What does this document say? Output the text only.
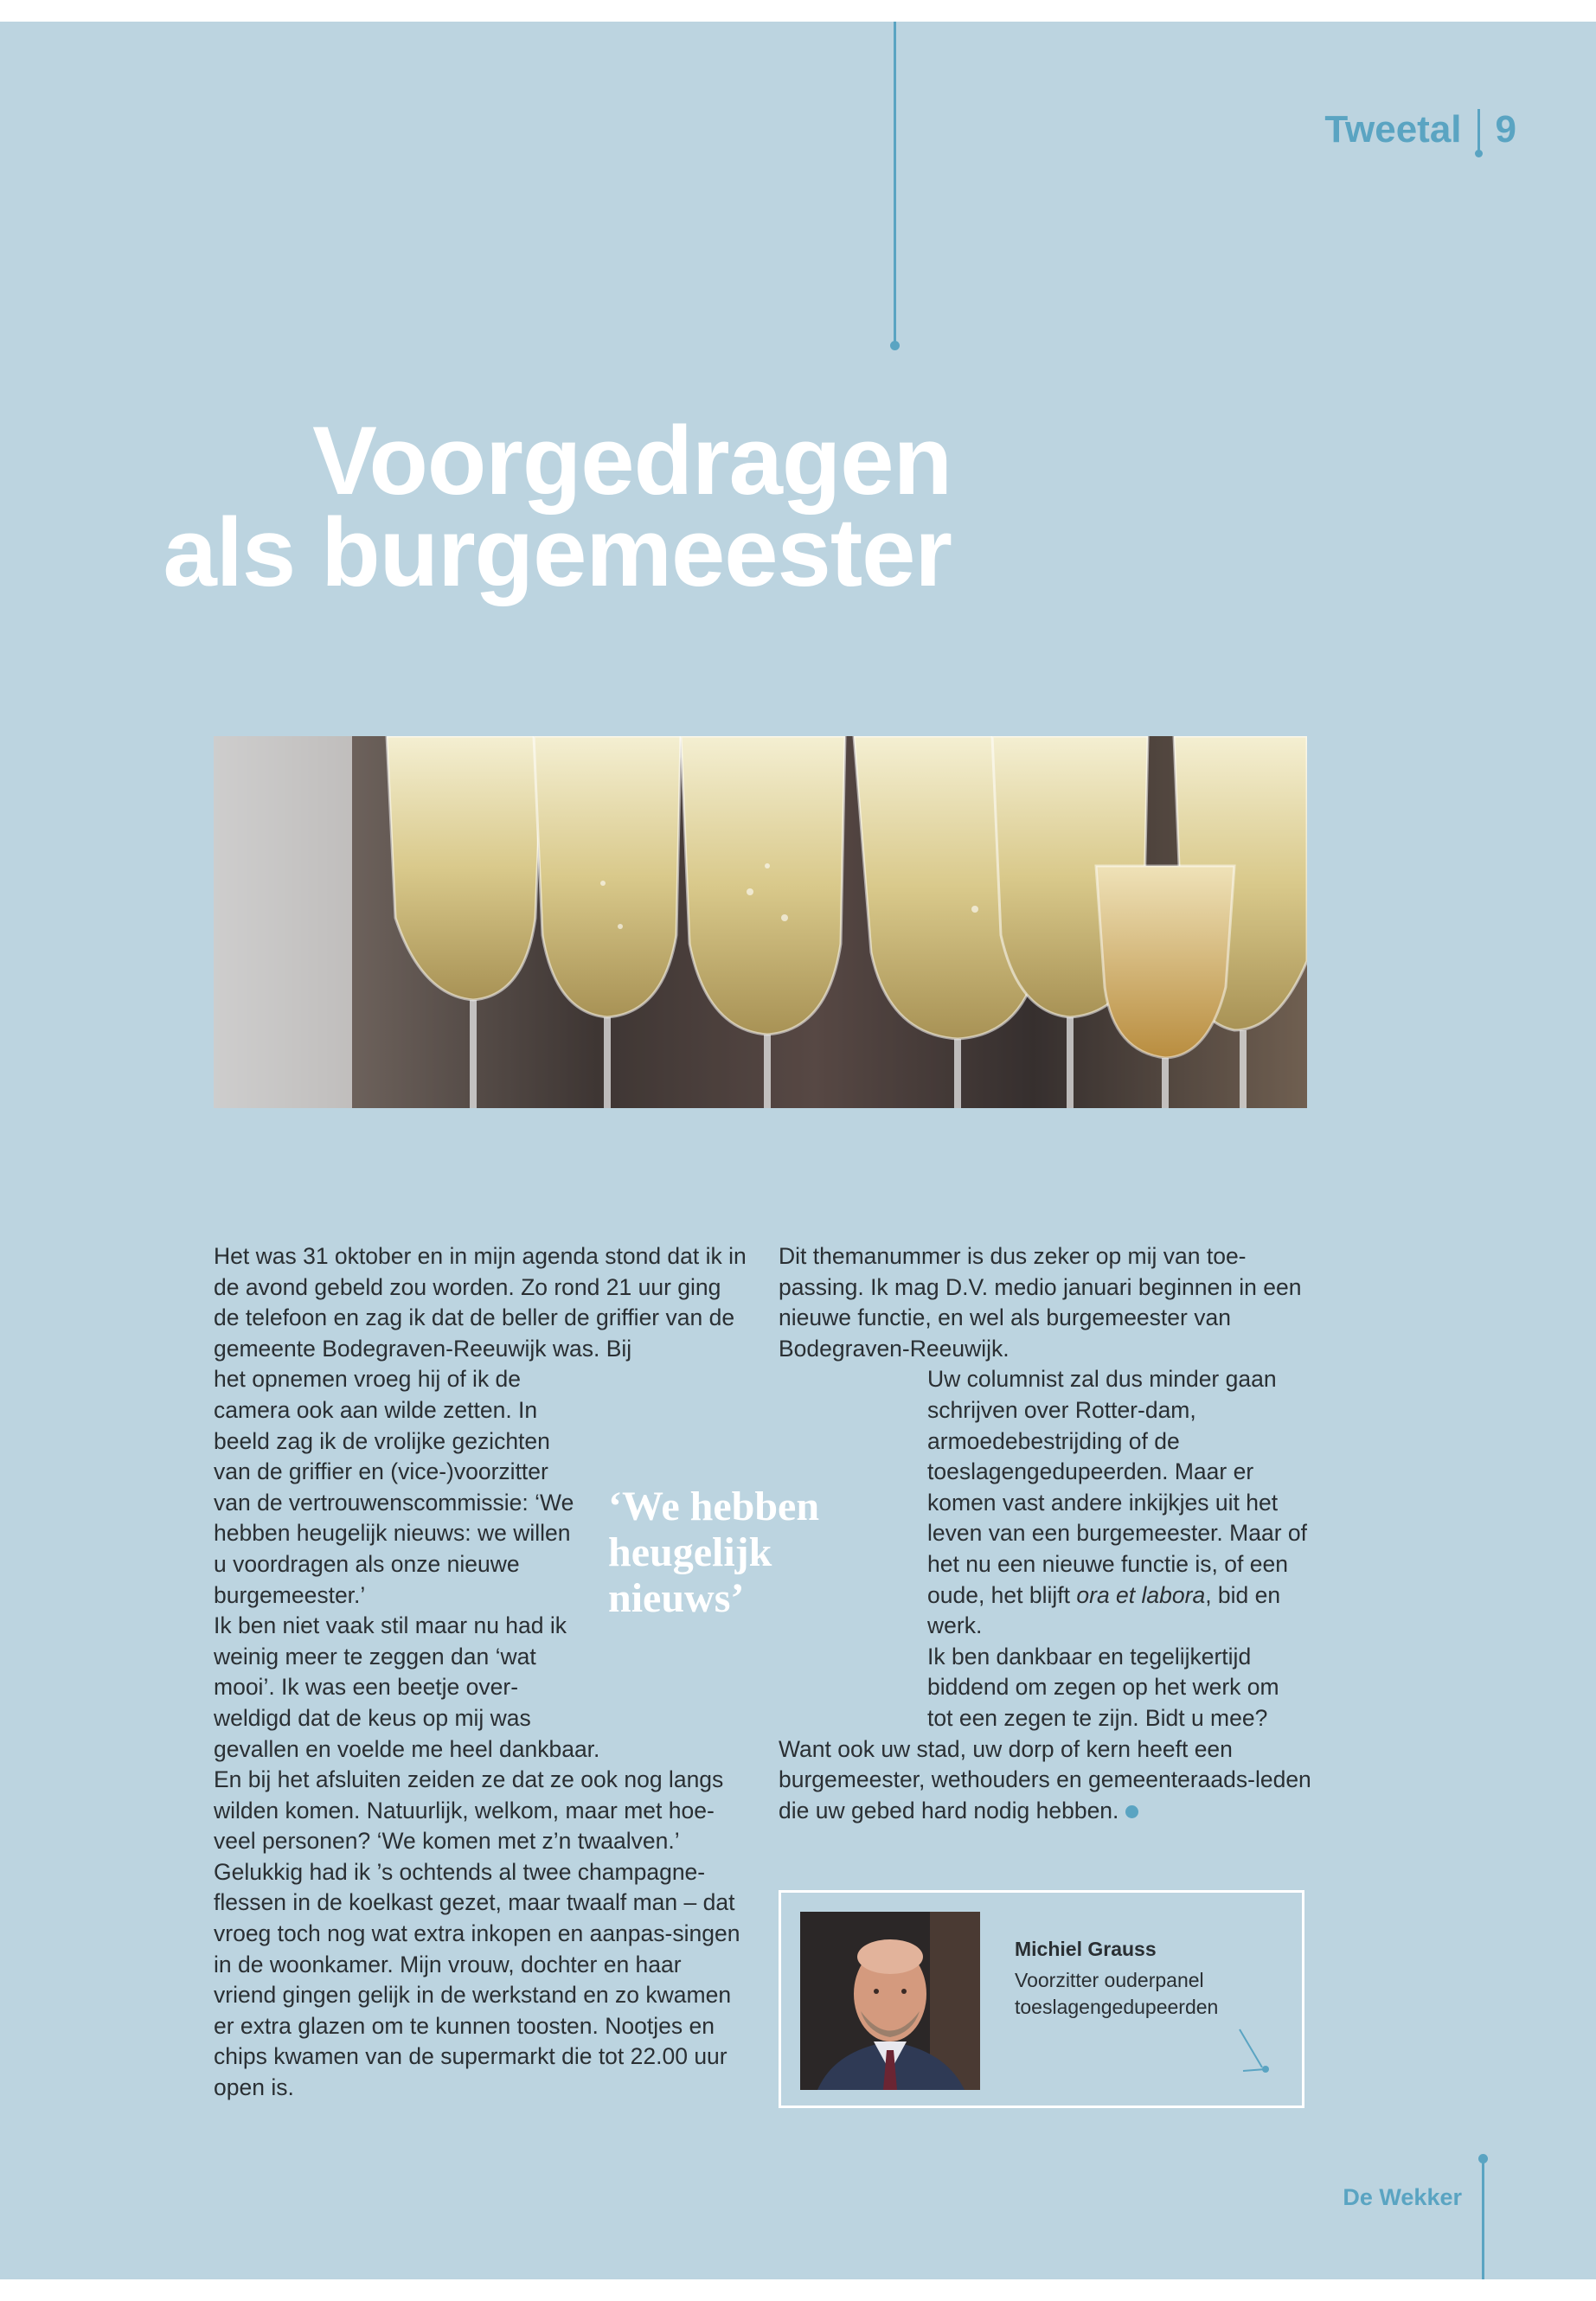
Tweetal 9
Voorgedragen
als burgemeester

Het was 31 oktober en in mijn agenda stond dat ik in de avond gebeld zou worden. Zo rond 21 uur ging de telefoon en zag ik dat de beller de griffier van de gemeente Bodegraven-Reeuwijk was. Bij

het opnemen vroeg hij of ik de camera ook aan wilde zetten. In beeld zag ik de vrolijke gezichten van de griffier en (vice-)voorzitter van de vertrouwenscommissie: ‘We hebben heugelijk nieuws: we willen u voordragen als onze nieuwe burgemeester.’

Ik ben niet vaak stil maar nu had ik weinig meer te zeggen dan ‘wat mooi’. Ik was een beetje over-weldigd dat de keus op mij was

gevallen en voelde me heel dankbaar.

En bij het afsluiten zeiden ze dat ze ook nog langs wilden komen. Natuurlijk, welkom, maar met hoe-veel personen? ‘We komen met z’n twaalven.’ Gelukkig had ik ’s ochtends al twee champagne-flessen in de koelkast gezet, maar twaalf man – dat vroeg toch nog wat extra inkopen en aanpas-singen in de woonkamer. Mijn vrouw, dochter en haar vriend gingen gelijk in de werkstand en zo kwamen er extra glazen om te kunnen toosten. Nootjes en chips kwamen van de supermarkt die tot 22.00 uur open is.

‘We hebben heugelijk nieuws’

Dit themanummer is dus zeker op mij van toe-passing. Ik mag D.V. medio januari beginnen in een nieuwe functie, en wel als burgemeester van Bodegraven-Reeuwijk.

Uw columnist zal dus minder gaan schrijven over Rotter-dam, armoedebestrijding of de toeslagengedupeerden. Maar er komen vast andere inkijkjes uit het leven van een burgemeester. Maar of het nu een nieuwe functie is, of een oude, het blijft ora et labora, bid en werk.

Ik ben dankbaar en tegelijkertijd biddend om zegen op het werk om tot een zegen te zijn. Bidt u mee?

Want ook uw stad, uw dorp of kern heeft een burgemeester, wethouders en gemeenteraads-leden die uw gebed hard nodig hebben.

Michiel Grauss
Voorzitter ouderpanel toeslagengedupeerden
De Wekker
